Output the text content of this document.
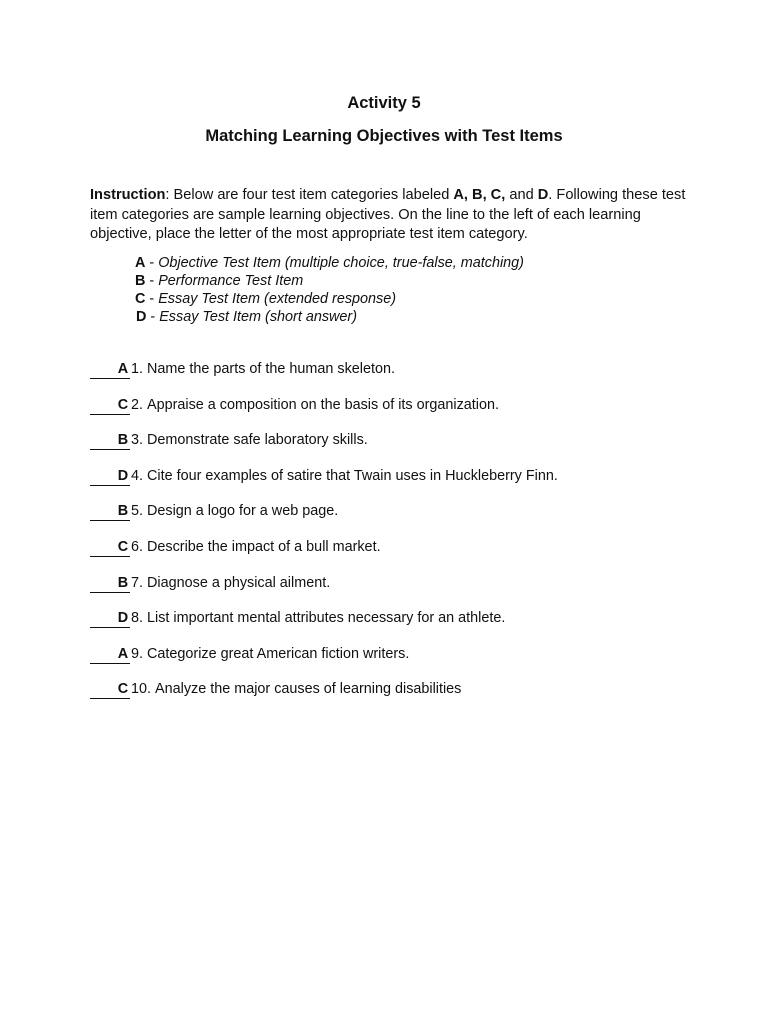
Activity 5
Matching Learning Objectives with Test Items

Instruction: Below are four test item categories labeled A, B, C, and D. Following these test item categories are sample learning objectives. On the line to the left of each learning objective, place the letter of the most appropriate test item category.

A - Objective Test Item (multiple choice, true-false, matching)
B - Performance Test Item
C - Essay Test Item (extended response)
D - Essay Test Item (short answer)
A 1. Name the parts of the human skeleton.
C 2. Appraise a composition on the basis of its organization.
B 3. Demonstrate safe laboratory skills.
D 4. Cite four examples of satire that Twain uses in Huckleberry Finn.
B 5. Design a logo for a web page.
C 6. Describe the impact of a bull market.
B 7. Diagnose a physical ailment.
D 8. List important mental attributes necessary for an athlete.
A 9. Categorize great American fiction writers.
C 10. Analyze the major causes of learning disabilities
